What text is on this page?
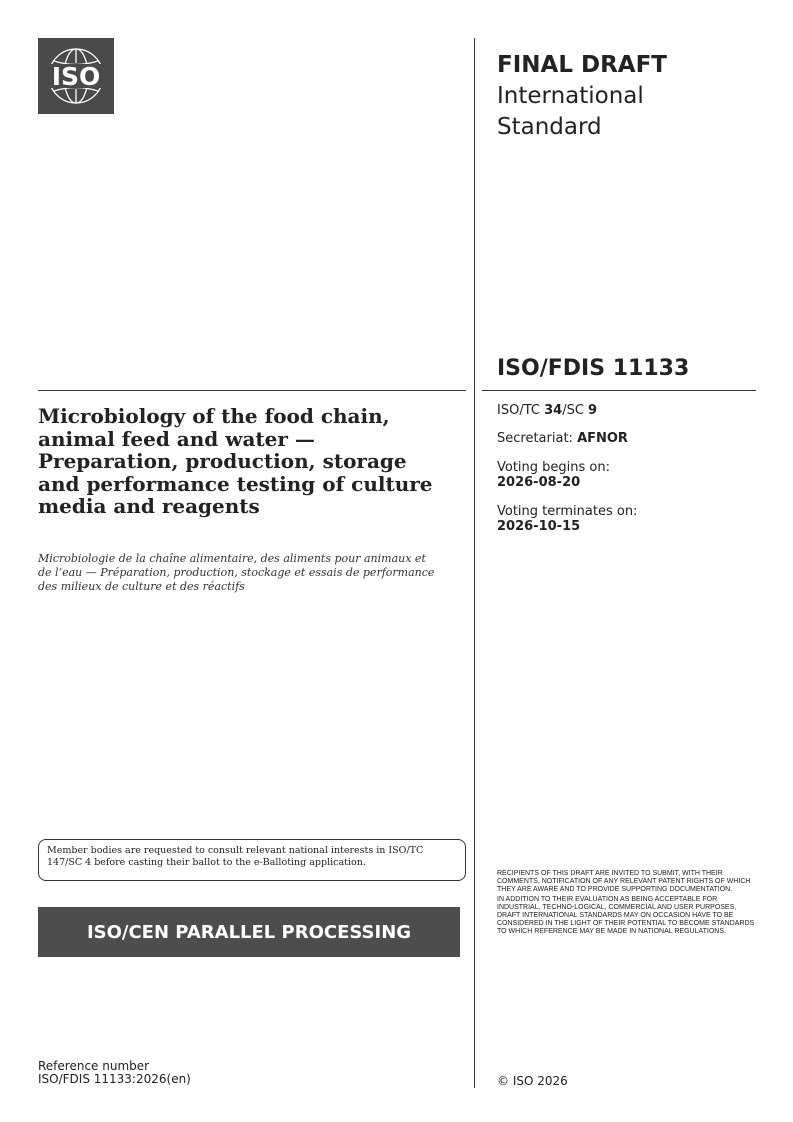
ISO	FINAL DRAFT
International
Standard
ISO/FDIS 11133
ISO/TC 34/SC 9
Secretariat: AFNOR
Voting begins on:
2026-08-20
Voting terminates on:
2026-10-15
Microbiology of the food chain, animal feed and water — Preparation, production, storage and performance testing of culture media and reagents
Microbiologie de la chaîne alimentaire, des aliments pour animaux et de l’eau — Préparation, production, stockage et essais de performance des milieux de culture et des réactifs
Member bodies are requested to consult relevant national interests in ISO/TC 147/SC 4 before casting their ballot to the e-Balloting application.
ISO/CEN PARALLEL PROCESSING

RECIPIENTS OF THIS DRAFT ARE INVITED TO SUBMIT, WITH THEIR COMMENTS, NOTIFICATION OF ANY RELEVANT PATENT RIGHTS OF WHICH THEY ARE AWARE AND TO PROVIDE SUPPORTING DOCUMENTATION.

IN ADDITION TO THEIR EVALUATION AS BEING ACCEPTABLE FOR INDUSTRIAL, TECHNO-LOGICAL, COMMERCIAL AND USER PURPOSES, DRAFT INTERNATIONAL STANDARDS MAY ON OCCASION HAVE TO BE CONSIDERED IN THE LIGHT OF THEIR POTENTIAL TO BECOME STANDARDS TO WHICH REFERENCE MAY BE MADE IN NATIONAL REGULATIONS.

Reference number
ISO/FDIS 11133:2026(en)	© ISO 2026
